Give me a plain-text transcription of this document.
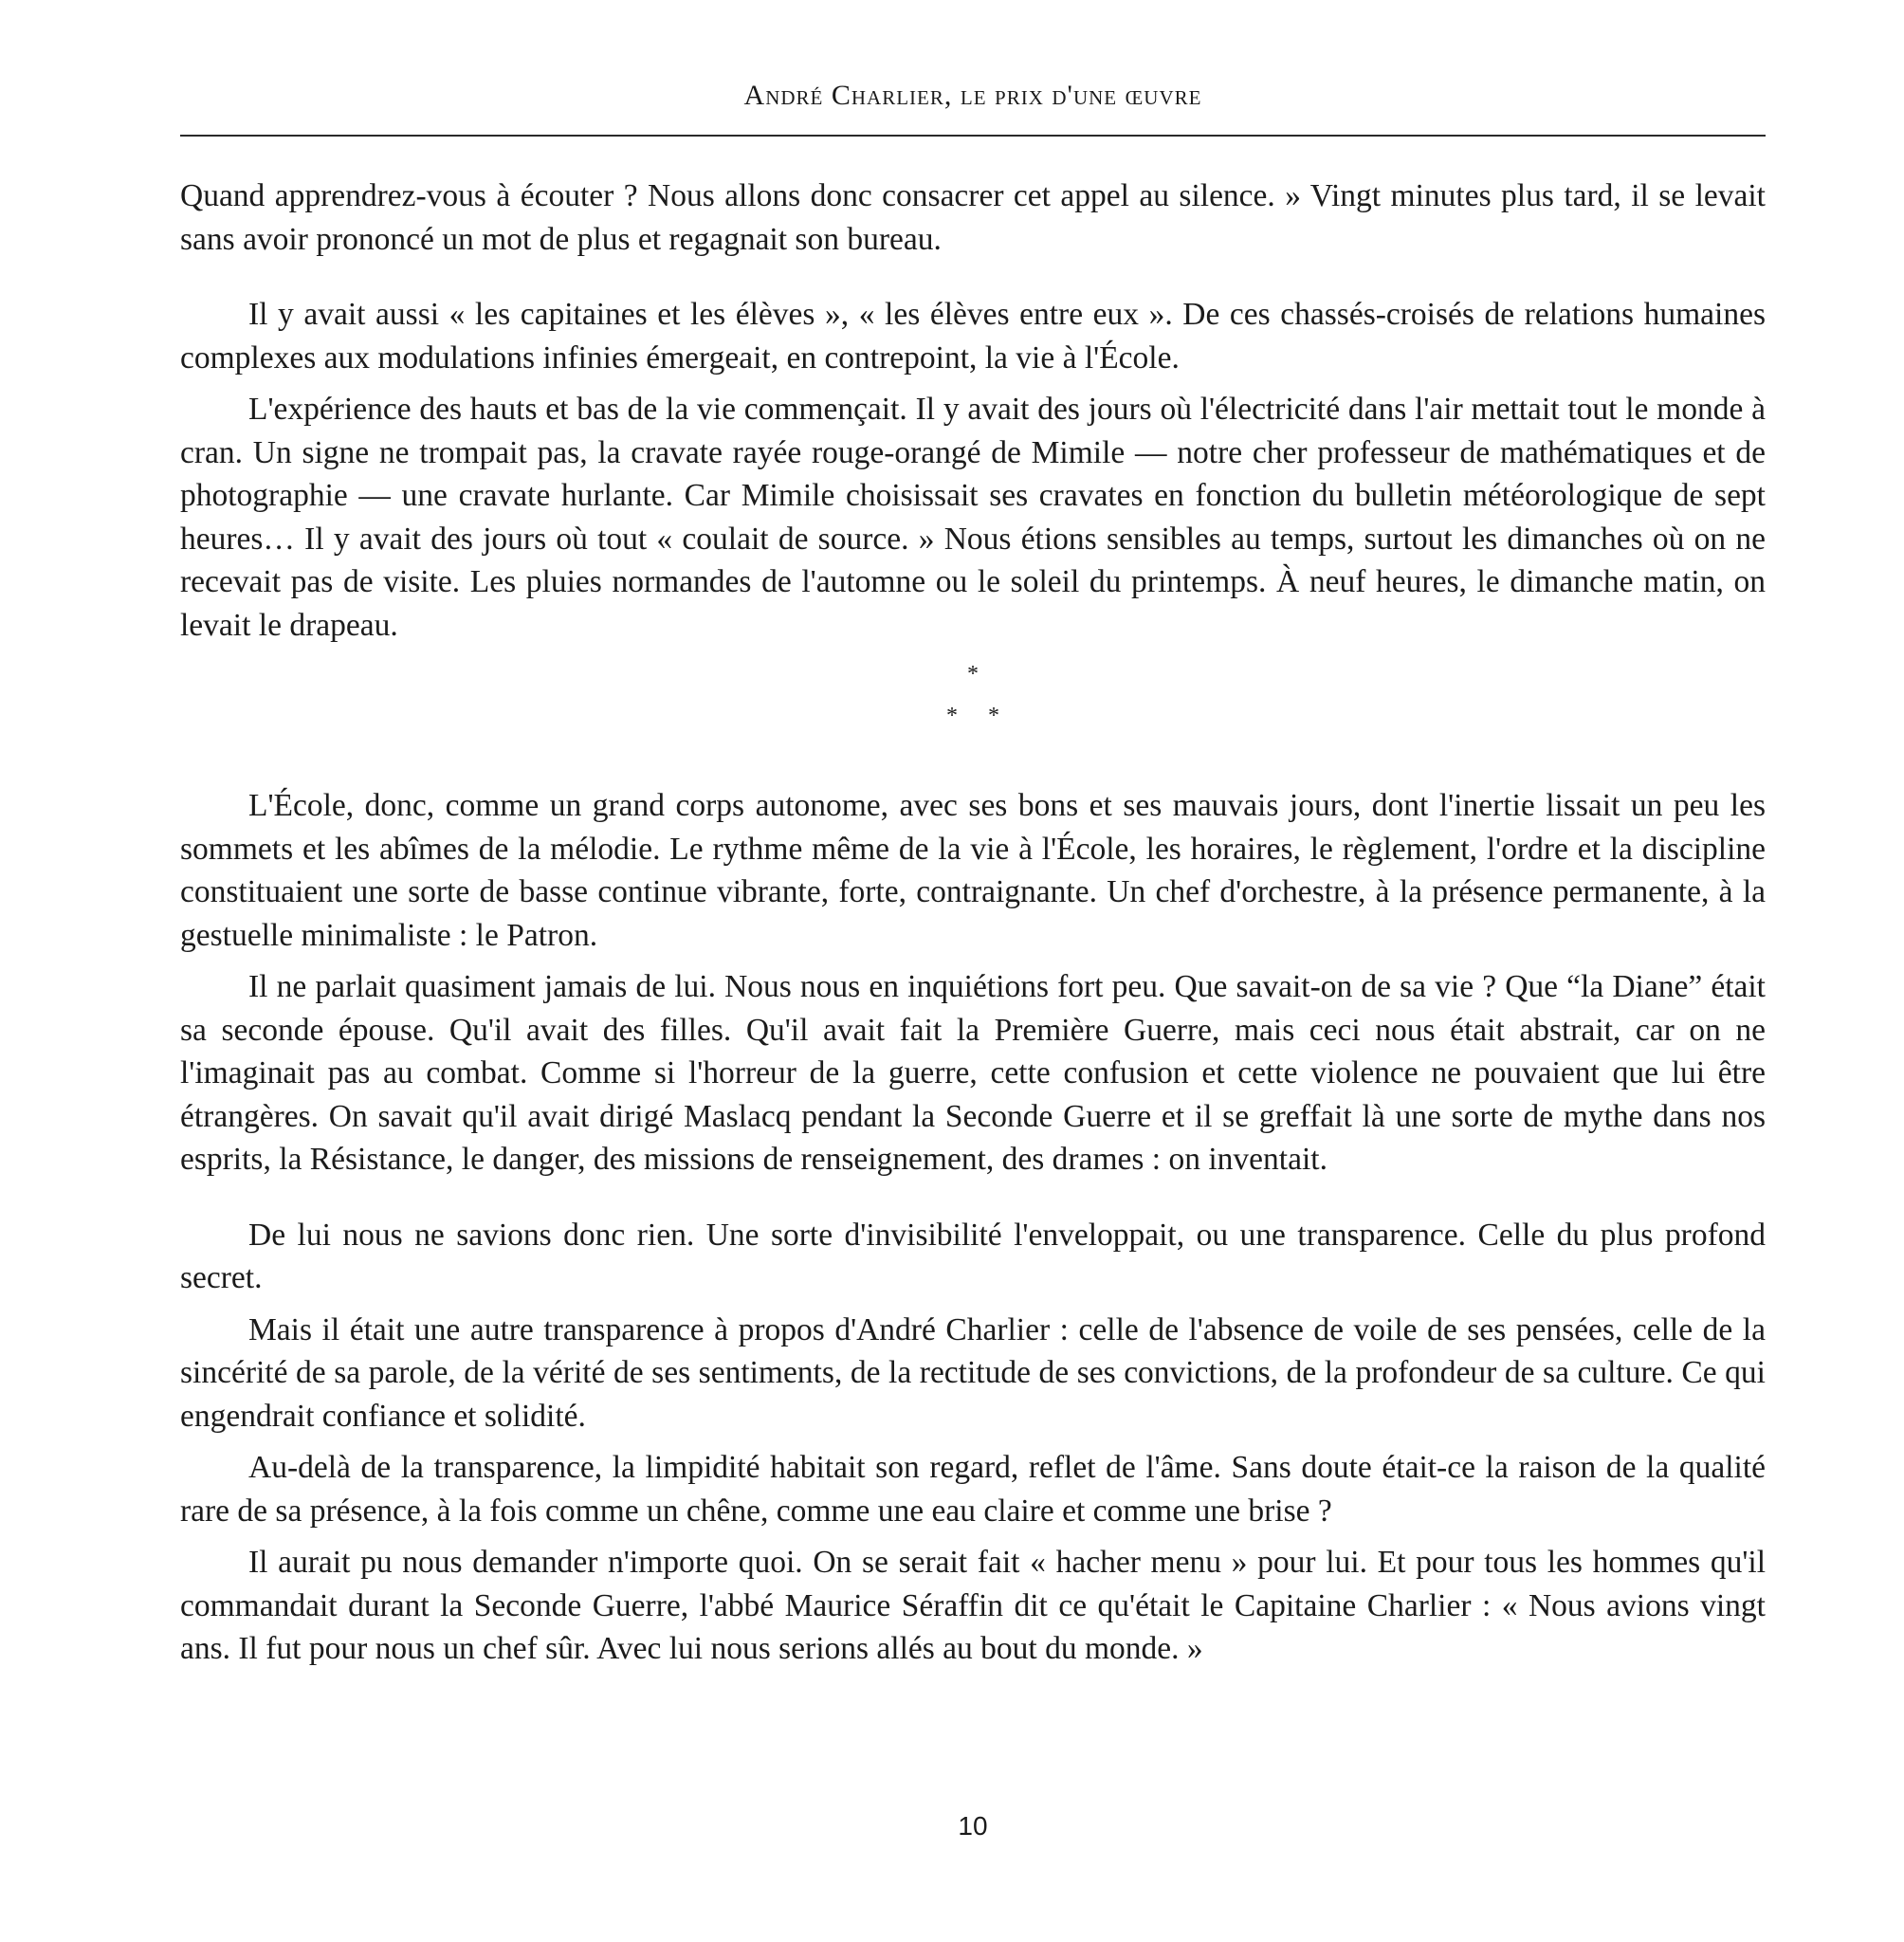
André Charlier, le prix d'une œuvre

Quand apprendrez-vous à écouter ? Nous allons donc consacrer cet appel au silence. » Vingt minutes plus tard, il se levait sans avoir prononcé un mot de plus et regagnait son bureau.

Il y avait aussi « les capitaines et les élèves », « les élèves entre eux ». De ces chassés-croisés de relations humaines complexes aux modulations infinies émergeait, en contrepoint, la vie à l'École.

L'expérience des hauts et bas de la vie commençait. Il y avait des jours où l'électricité dans l'air mettait tout le monde à cran. Un signe ne trompait pas, la cravate rayée rouge-orangé de Mimile — notre cher professeur de mathématiques et de photographie — une cravate hurlante. Car Mimile choisissait ses cravates en fonction du bulletin météorologique de sept heures… Il y avait des jours où tout « coulait de source. » Nous étions sensibles au temps, surtout les dimanches où on ne recevait pas de visite. Les pluies normandes de l'automne ou le soleil du printemps. À neuf heures, le dimanche matin, on levait le drapeau.

*
* *

L'École, donc, comme un grand corps autonome, avec ses bons et ses mauvais jours, dont l'inertie lissait un peu les sommets et les abîmes de la mélodie. Le rythme même de la vie à l'École, les horaires, le règlement, l'ordre et la discipline constituaient une sorte de basse continue vibrante, forte, contraignante. Un chef d'orchestre, à la présence permanente, à la gestuelle minimaliste : le Patron.

Il ne parlait quasiment jamais de lui. Nous nous en inquiétions fort peu. Que savait-on de sa vie ? Que “la Diane” était sa seconde épouse. Qu'il avait des filles. Qu'il avait fait la Première Guerre, mais ceci nous était abstrait, car on ne l'imaginait pas au combat. Comme si l'horreur de la guerre, cette confusion et cette violence ne pouvaient que lui être étrangères. On savait qu'il avait dirigé Maslacq pendant la Seconde Guerre et il se greffait là une sorte de mythe dans nos esprits, la Résistance, le danger, des missions de renseignement, des drames : on inventait.

De lui nous ne savions donc rien. Une sorte d'invisibilité l'enveloppait, ou une transparence. Celle du plus profond secret.

Mais il était une autre transparence à propos d'André Charlier : celle de l'absence de voile de ses pensées, celle de la sincérité de sa parole, de la vérité de ses sentiments, de la rectitude de ses convictions, de la profondeur de sa culture. Ce qui engendrait confiance et solidité.

Au-delà de la transparence, la limpidité habitait son regard, reflet de l'âme. Sans doute était-ce la raison de la qualité rare de sa présence, à la fois comme un chêne, comme une eau claire et comme une brise ?

Il aurait pu nous demander n'importe quoi. On se serait fait « hacher menu » pour lui. Et pour tous les hommes qu'il commandait durant la Seconde Guerre, l'abbé Maurice Séraffin dit ce qu'était le Capitaine Charlier : « Nous avions vingt ans. Il fut pour nous un chef sûr. Avec lui nous serions allés au bout du monde. »

10
